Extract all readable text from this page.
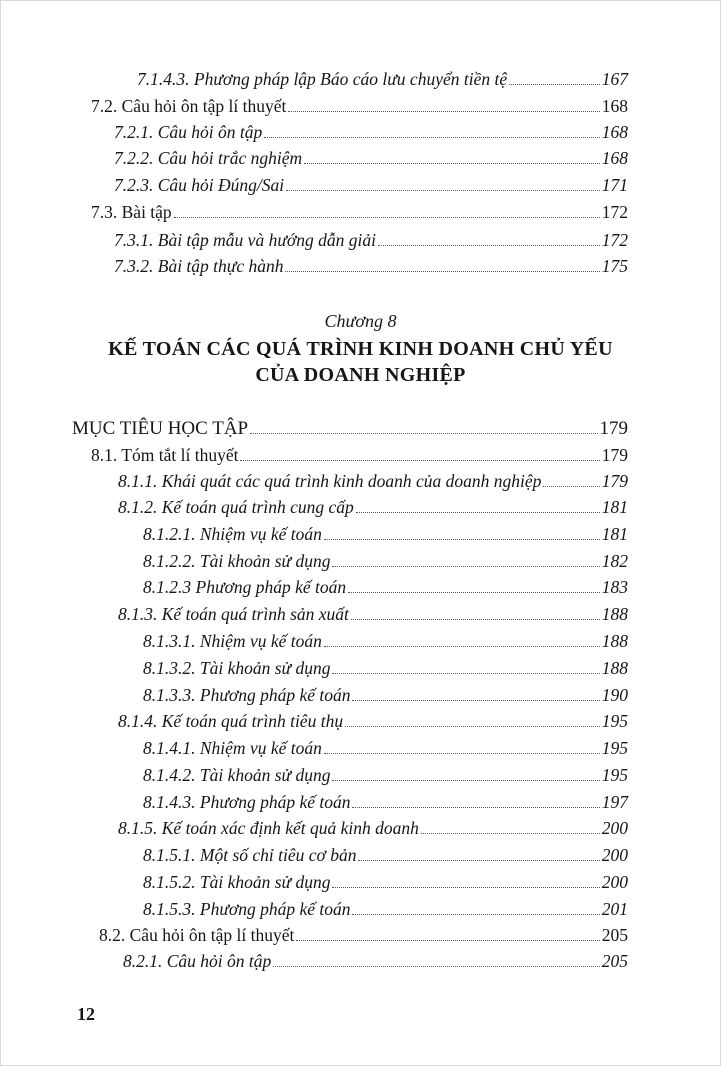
7.1.4.3. Phương pháp lập Báo cáo lưu chuyển tiền tệ	167
7.2. Câu hỏi ôn tập lí thuyết	168
7.2.1. Câu hỏi ôn tập	168
7.2.2. Câu hỏi trắc nghiệm	168
7.2.3. Câu hỏi Đúng/Sai	171
7.3. Bài tập	172
7.3.1. Bài tập mẫu và hướng dẫn giải	172
7.3.2. Bài tập thực hành	175
Chương 8
KẾ TOÁN CÁC QUÁ TRÌNH KINH DOANH CHỦ YẾU
CỦA DOANH NGHIỆP
MỤC TIÊU HỌC TẬP	179
8.1. Tóm tắt lí thuyết	179
8.1.1. Khái quát các quá trình kinh doanh của doanh nghiệp	179
8.1.2. Kế toán quá trình cung cấp	181
8.1.2.1. Nhiệm vụ kế toán	181
8.1.2.2. Tài khoản sử dụng	182
8.1.2.3 Phương pháp kế toán	183
8.1.3. Kế toán quá trình sản xuất	188
8.1.3.1. Nhiệm vụ kế toán	188
8.1.3.2. Tài khoản sử dụng	188
8.1.3.3. Phương pháp kế toán	190
8.1.4. Kế toán quá trình tiêu thụ	195
8.1.4.1. Nhiệm vụ kế toán	195
8.1.4.2. Tài khoản sử dụng	195
8.1.4.3. Phương pháp kế toán	197
8.1.5. Kế toán xác định kết quả kinh doanh	200
8.1.5.1. Một số chỉ tiêu cơ bản	200
8.1.5.2. Tài khoản sử dụng	200
8.1.5.3. Phương pháp kế toán	201
8.2. Câu hỏi ôn tập lí thuyết	205
8.2.1. Câu hỏi ôn tập	205
12
